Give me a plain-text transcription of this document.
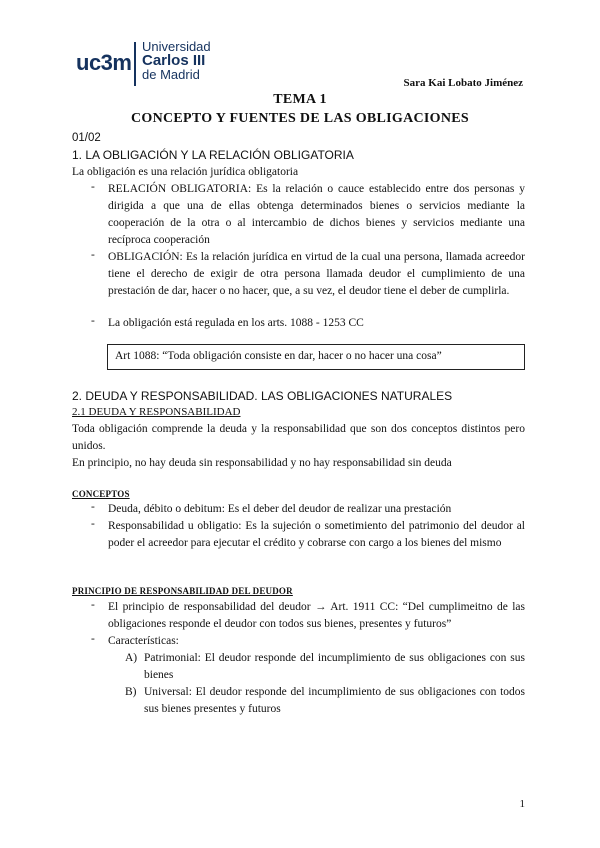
uc3m
Universidad
Carlos III
de Madrid
Sara Kai Lobato Jiménez
TEMA 1
CONCEPTO Y FUENTES DE LAS OBLIGACIONES
01/02
1. LA OBLIGACIÓN Y LA RELACIÓN OBLIGATORIA
La obligación es una relación jurídica obligatoria
- RELACIÓN OBLIGATORIA: Es la relación o cauce establecido entre dos personas y dirigida a que una de ellas obtenga determinados bienes o servicios mediante la cooperación de la otra o al intercambio de dichos bienes y servicios mediante una recíproca cooperación
- OBLIGACIÓN: Es la relación jurídica en virtud de la cual una persona, llamada acreedor tiene el derecho de exigir de otra persona llamada deudor el cumplimiento de una prestación de dar, hacer o no hacer, que, a su vez, el deudor tiene el deber de cumplirla.
- La obligación está regulada en los arts. 1088 - 1253 CC
Art 1088: “Toda obligación consiste en dar, hacer o no hacer una cosa”
2. DEUDA Y RESPONSABILIDAD. LAS OBLIGACIONES NATURALES
2.1 DEUDA Y RESPONSABILIDAD
Toda obligación comprende la deuda y la responsabilidad que son dos conceptos distintos pero unidos.
En principio, no hay deuda sin responsabilidad y no hay responsabilidad sin deuda
CONCEPTOS
- Deuda, débito o debitum: Es el deber del deudor de realizar una prestación
- Responsabilidad u obligatio: Es la sujeción o sometimiento del patrimonio del deudor al poder el acreedor para ejecutar el crédito y cobrarse con cargo a los bienes del mismo
PRINCIPIO DE RESPONSABILIDAD DEL DEUDOR
- El principio de responsabilidad del deudor → Art. 1911 CC: “Del cumplimeitno de las obligaciones responde el deudor con todos sus bienes, presentes y futuros”
- Características:
A) Patrimonial: El deudor responde del incumplimiento de sus obligaciones con sus bienes
B) Universal: El deudor responde del incumplimiento de sus obligaciones con todos sus bienes presentes y futuros
1
